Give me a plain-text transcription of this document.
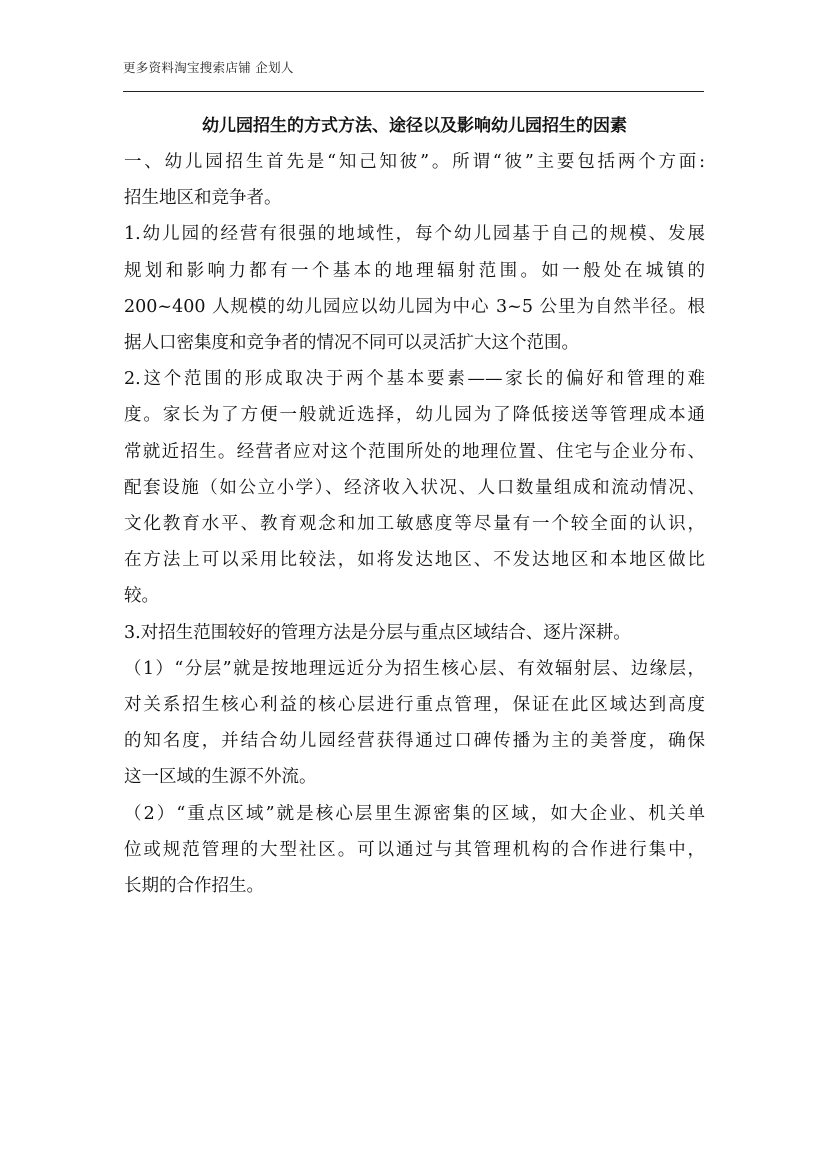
更多资料淘宝搜索店铺 企划人

幼儿园招生的方式方法、途径以及影响幼儿园招生的因素

一、幼儿园招生首先是“知己知彼”。所谓“彼”主要包括两个方面:
招生地区和竞争者。

1.幼儿园的经营有很强的地域性，每个幼儿园基于自己的规模、发展
规划和影响力都有一个基本的地理辐射范围。如一般处在城镇的
200~400 人规模的幼儿园应以幼儿园为中心 3~5 公里为自然半径。根
据人口密集度和竞争者的情况不同可以灵活扩大这个范围。

2.这个范围的形成取决于两个基本要素——家长的偏好和管理的难
度。家长为了方便一般就近选择，幼儿园为了降低接送等管理成本通
常就近招生。经营者应对这个范围所处的地理位置、住宅与企业分布、
配套设施（如公立小学）、经济收入状况、人口数量组成和流动情况、
文化教育水平、教育观念和加工敏感度等尽量有一个较全面的认识，
在方法上可以采用比较法，如将发达地区、不发达地区和本地区做比
较。

3.对招生范围较好的管理方法是分层与重点区域结合、逐片深耕。

（1）“分层”就是按地理远近分为招生核心层、有效辐射层、边缘层，
对关系招生核心利益的核心层进行重点管理，保证在此区域达到高度
的知名度，并结合幼儿园经营获得通过口碑传播为主的美誉度，确保
这一区域的生源不外流。

（2）“重点区域”就是核心层里生源密集的区域，如大企业、机关单
位或规范管理的大型社区。可以通过与其管理机构的合作进行集中，
长期的合作招生。
